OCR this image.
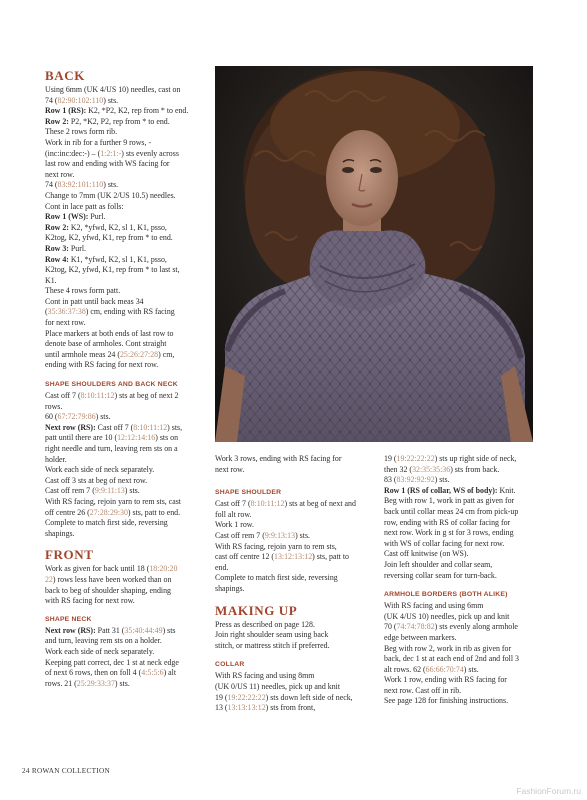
BACK

Using 6mm (UK 4/US 10) needles, cast on

74 (82:90:102:110) sts.

Row 1 (RS): K2, *P2, K2, rep from * to end.

Row 2: P2, *K2, P2, rep from * to end.

These 2 rows form rib.

Work in rib for a further 9 rows, -

(inc:inc:dec:-) – (1:2:1:-) sts evenly across

last row and ending with WS facing for

next row.

74 (83:92:101:110) sts.

Change to 7mm (UK 2/US 10.5) needles.

Cont in lace patt as folls:

Row 1 (WS): Purl.

Row 2: K2, *yfwd, K2, sl 1, K1, psso,

K2tog, K2, yfwd, K1, rep from * to end.

Row 3: Purl.

Row 4: K1, *yfwd, K2, sl 1, K1, psso,

K2tog, K2, yfwd, K1, rep from * to last st,

K1.

These 4 rows form patt.

Cont in patt until back meas 34

(35:36:37:38) cm, ending with RS facing

for next row.

Place markers at both ends of last row to

denote base of armholes. Cont straight

until armhole meas 24 (25:26:27:28) cm,

ending with RS facing for next row.

SHAPE SHOULDERS AND BACK NECK

Cast off 7 (8:10:11:12) sts at beg of next 2

rows.

60 (67:72:79:86) sts.

Next row (RS): Cast off 7 (8:10:11:12) sts,

patt until there are 10 (12:12:14:16) sts on

right needle and turn, leaving rem sts on a

holder.

Work each side of neck separately.

Cast off 3 sts at beg of next row.

Cast off rem 7 (9:9:11:13) sts.

With RS facing, rejoin yarn to rem sts, cast

off centre 26 (27:28:29:30) sts, patt to end.

Complete to match first side, reversing

shapings.

FRONT

Work as given for back until 18 (18:20:20

22) rows less have been worked than on

back to beg of shoulder shaping, ending

with RS facing for next row.

SHAPE NECK

Next row (RS): Patt 31 (35:40:44:49) sts

and turn, leaving rem sts on a holder.

Work each side of neck separately.

Keeping patt correct, dec 1 st at neck edge

of next 6 rows, then on foll 4 (4:5:5:6) alt

rows. 21 (25:29:33:37) sts.

Work 3 rows, ending with RS facing for

next row.

SHAPE SHOULDER

Cast off 7 (8:10:11:12) sts at beg of next and

foll alt row.

Work 1 row.

Cast off rem 7 (9:9:13:13) sts.

With RS facing, rejoin yarn to rem sts,

cast off centre 12 (13:12:13:12) sts, patt to

end.

Complete to match first side, reversing

shapings.

MAKING UP

Press as described on page 128.

Join right shoulder seam using back

stitch, or mattress stitch if preferred.

COLLAR

With RS facing and using 8mm

(UK 0/US 11) needles, pick up and knit

19 (19:22:22:22) sts down left side of neck,

13 (13:13:13:12) sts from front,

19 (19:22:22:22) sts up right side of neck,

then 32 (32:35:35:36) sts from back.

83 (83:92:92:92) sts.

Row 1 (RS of collar, WS of body): Knit.

Beg with row 1, work in patt as given for

back until collar meas 24 cm from pick-up

row, ending with RS of collar facing for

next row. Work in g st for 3 rows, ending

with WS of collar facing for next row.

Cast off knitwise (on WS).

Join left shoulder and collar seam,

reversing collar seam for turn-back.

ARMHOLE BORDERS (BOTH ALIKE)

With RS facing and using 6mm

(UK 4/US 10) needles, pick up and knit

70 (74:74:78:82) sts evenly along armhole

edge between markers.

Beg with row 2, work in rib as given for

back, dec 1 st at each end of 2nd and foll 3

alt rows. 62 (66:66:70:74) sts.

Work 1 row, ending with RS facing for

next row. Cast off in rib.

See page 128 for finishing instructions.

24 ROWAN COLLECTION
FashionForum.ru
